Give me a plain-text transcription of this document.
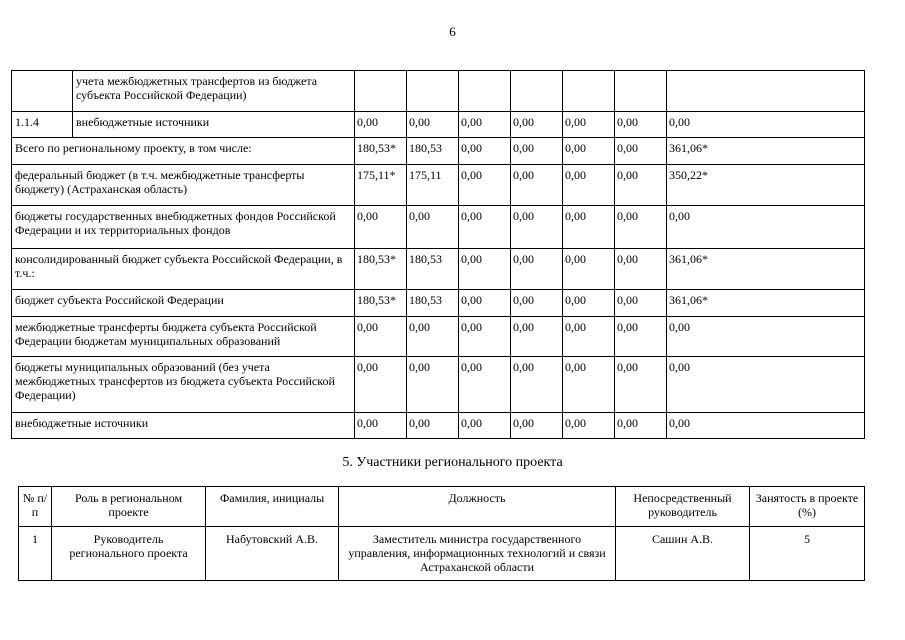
6
	учета межбюджетных трансфертов из бюджета субъекта Российской Федерации)							
1.1.4	внебюджетные источники	0,00	0,00	0,00	0,00	0,00	0,00	0,00
Всего по региональному проекту, в том числе:		180,53*	180,53	0,00	0,00	0,00	0,00	361,06*
федеральный бюджет (в т.ч. межбюджетные трансферты бюджету) (Астраханская область)		175,11*	175,11	0,00	0,00	0,00	0,00	350,22*
бюджеты государственных внебюджетных фондов Российской Федерации и их территориальных фондов		0,00	0,00	0,00	0,00	0,00	0,00	0,00
консолидированный бюджет субъекта Российской Федерации, в т.ч.:		180,53*	180,53	0,00	0,00	0,00	0,00	361,06*
бюджет субъекта Российской Федерации		180,53*	180,53	0,00	0,00	0,00	0,00	361,06*
межбюджетные трансферты бюджета субъекта Российской Федерации бюджетам муниципальных образований		0,00	0,00	0,00	0,00	0,00	0,00	0,00
бюджеты муниципальных образований (без учета межбюджетных трансфертов из бюджета субъекта Российской Федерации)		0,00	0,00	0,00	0,00	0,00	0,00	0,00
внебюджетные источники		0,00	0,00	0,00	0,00	0,00	0,00	0,00
5. Участники регионального проекта
№ п/п	Роль в региональном проекте	Фамилия, инициалы	Должность	Непосредственный руководитель	Занятость в проекте (%)
1	Руководитель регионального проекта	Набутовский А.В.	Заместитель министра государственного управления, информационных технологий и связи Астраханской области	Сашин А.В.	5
